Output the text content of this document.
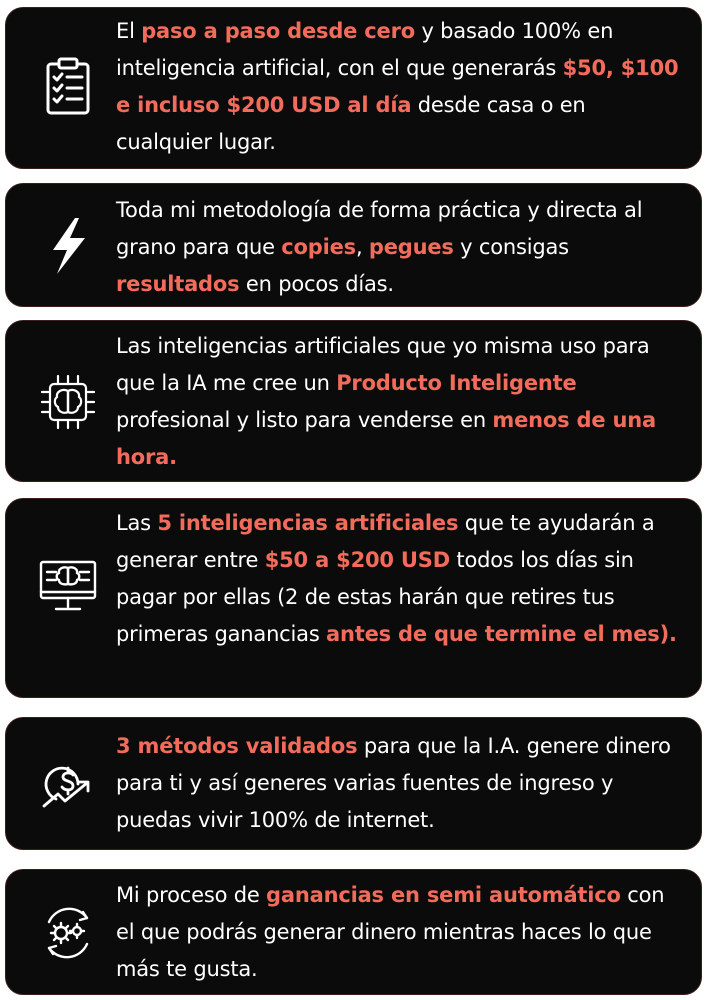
El paso a paso desde cero y basado 100% en inteligencia artificial, con el que generarás $50, $100 e incluso $200 USD al día desde casa o en cualquier lugar.
Toda mi metodología de forma práctica y directa al grano para que copies, pegues y consigas resultados en pocos días.
Las inteligencias artificiales que yo misma uso para que la IA me cree un Producto Inteligente profesional y listo para venderse en menos de una hora.
Las 5 inteligencias artificiales que te ayudarán a generar entre $50 a $200 USD todos los días sin pagar por ellas (2 de estas harán que retires tus primeras ganancias antes de que termine el mes).
3 métodos validados para que la I.A. genere dinero para ti y así generes varias fuentes de ingreso y puedas vivir 100% de internet.
Mi proceso de ganancias en semi automático con el que podrás generar dinero mientras haces lo que más te gusta.
